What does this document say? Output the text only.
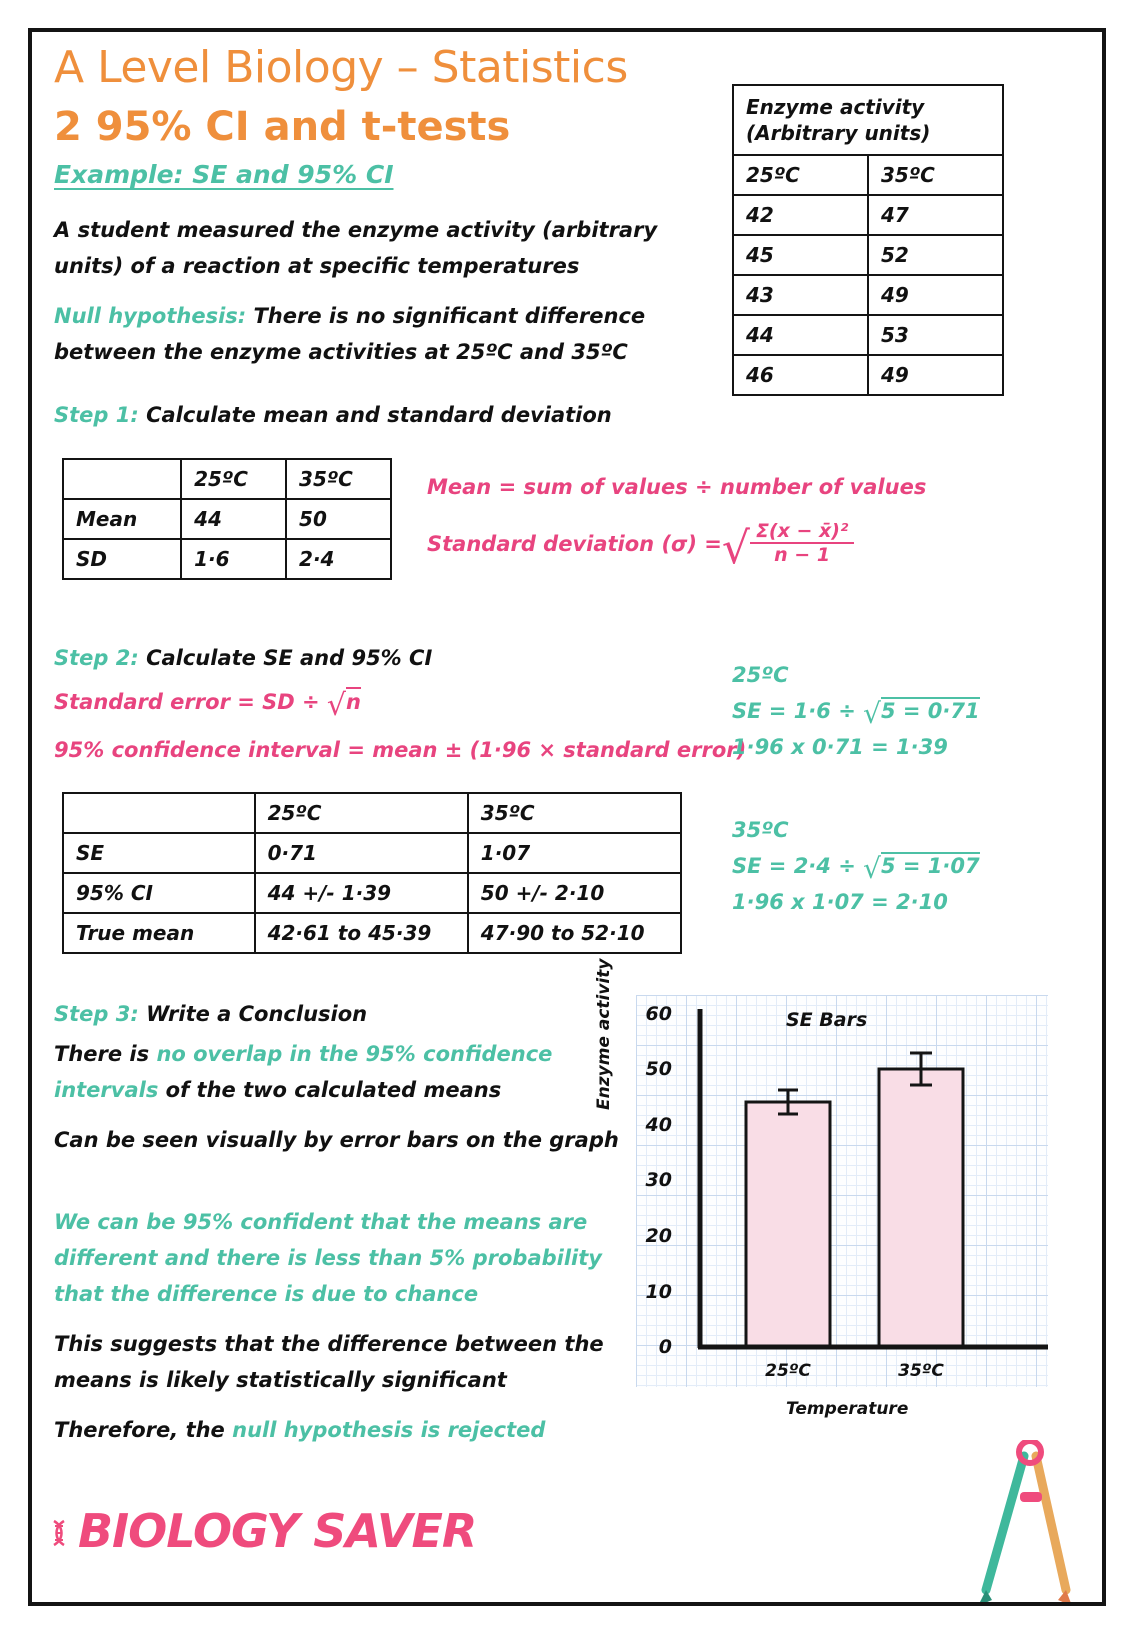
A Level Biology – Statistics
2 95% CI and t-tests
Example: SE and 95% CI
A student measured the enzyme activity (arbitrary
units) of a reaction at specific temperatures
Null hypothesis: There is no significant difference
between the enzyme activities at 25ºC and 35ºC
Enzyme activity
(Arbitrary units)	
25ºC	35ºC
42	47
45	52
43	49
44	53
46	49
Step 1: Calculate mean and standard deviation
	25ºC	35ºC
Mean	44	50
SD	1·6	2·4
Mean = sum of values ÷ number of values
Standard deviation (σ) =√ $\frac{\text{Σ(x − x̄)²}}{n - 1}$
Step 2: Calculate SE and 95% CI
Standard error = SD ÷ √n
95% confidence interval = mean ± (1·96 × standard error)
	25ºC	35ºC
SE	0·71	1·07
95% CI	44 +/- 1·39	50 +/- 2·10
True mean	42·61 to 45·39	47·90 to 52·10
25ºC
SE = 1·6 ÷ √5 = 0·71
1·96 x 0·71 = 1·39
35ºC
SE = 2·4 ÷ √5 = 1·07
1·96 x 1·07 = 2·10
Step 3: Write a Conclusion
There is no overlap in the 95% confidence
intervals of the two calculated means
Can be seen visually by error bars on the graph
We can be 95% confident that the means are
different and there is less than 5% probability
that the difference is due to chance
This suggests that the difference between the
means is likely statistically significant
Therefore, the null hypothesis is rejected
SE Bars
Enzyme activity
Temperature
60
50
40
30
20
10
0
25ºC	35ºC
BIOLOGY SAVER
